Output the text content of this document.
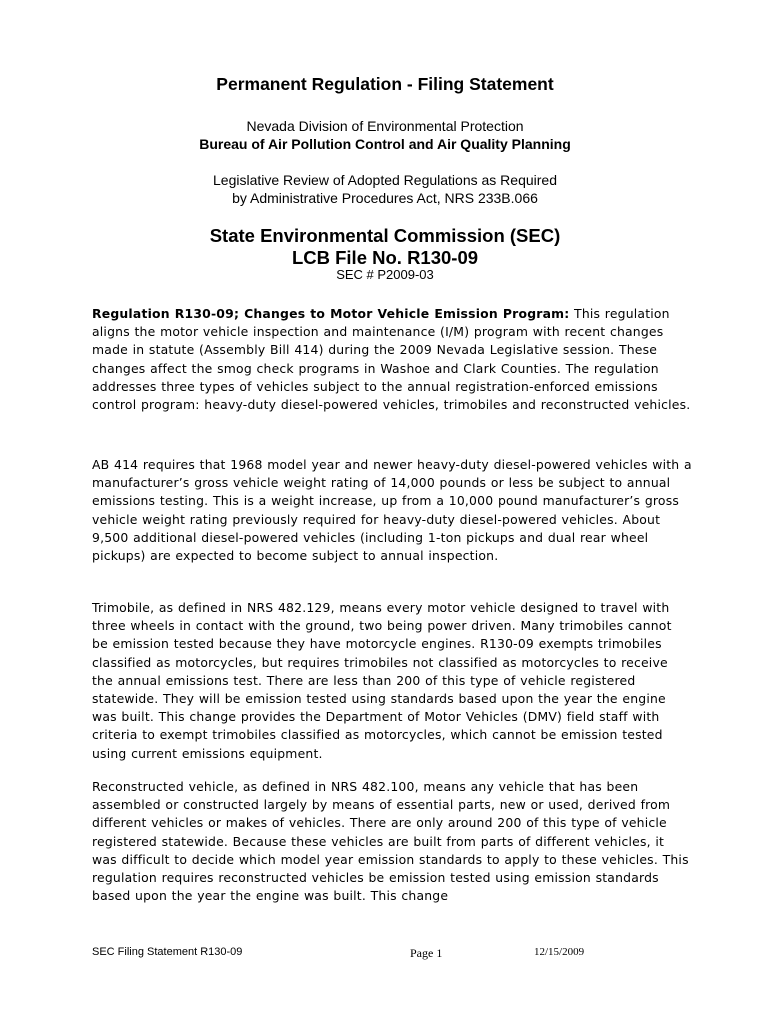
Permanent Regulation - Filing Statement
Nevada Division of Environmental Protection
Bureau of Air Pollution Control and Air Quality Planning
Legislative Review of Adopted Regulations as Required
by Administrative Procedures Act, NRS 233B.066
State Environmental Commission (SEC)
LCB File No. R130-09
SEC # P2009-03

Regulation R130-09; Changes to Motor Vehicle Emission Program: This regulation aligns the motor vehicle inspection and maintenance (I/M) program with recent changes made in statute (Assembly Bill 414) during the 2009 Nevada Legislative session. These changes affect the smog check programs in Washoe and Clark Counties. The regulation addresses three types of vehicles subject to the annual registration-enforced emissions control program: heavy-duty diesel-powered vehicles, trimobiles and reconstructed vehicles.

AB 414 requires that 1968 model year and newer heavy-duty diesel-powered vehicles with a manufacturer’s gross vehicle weight rating of 14,000 pounds or less be subject to annual emissions testing. This is a weight increase, up from a 10,000 pound manufacturer’s gross vehicle weight rating previously required for heavy-duty diesel-powered vehicles. About 9,500 additional diesel-powered vehicles (including 1-ton pickups and dual rear wheel pickups) are expected to become subject to annual inspection.

Trimobile, as defined in NRS 482.129, means every motor vehicle designed to travel with three wheels in contact with the ground, two being power driven. Many trimobiles cannot be emission tested because they have motorcycle engines. R130-09 exempts trimobiles classified as motorcycles, but requires trimobiles not classified as motorcycles to receive the annual emissions test. There are less than 200 of this type of vehicle registered statewide. They will be emission tested using standards based upon the year the engine was built. This change provides the Department of Motor Vehicles (DMV) field staff with criteria to exempt trimobiles classified as motorcycles, which cannot be emission tested using current emissions equipment.

Reconstructed vehicle, as defined in NRS 482.100, means any vehicle that has been assembled or constructed largely by means of essential parts, new or used, derived from different vehicles or makes of vehicles. There are only around 200 of this type of vehicle registered statewide. Because these vehicles are built from parts of different vehicles, it was difficult to decide which model year emission standards to apply to these vehicles. This regulation requires reconstructed vehicles be emission tested using emission standards based upon the year the engine was built. This change

SEC Filing Statement R130-09	Page 1	12/15/2009
